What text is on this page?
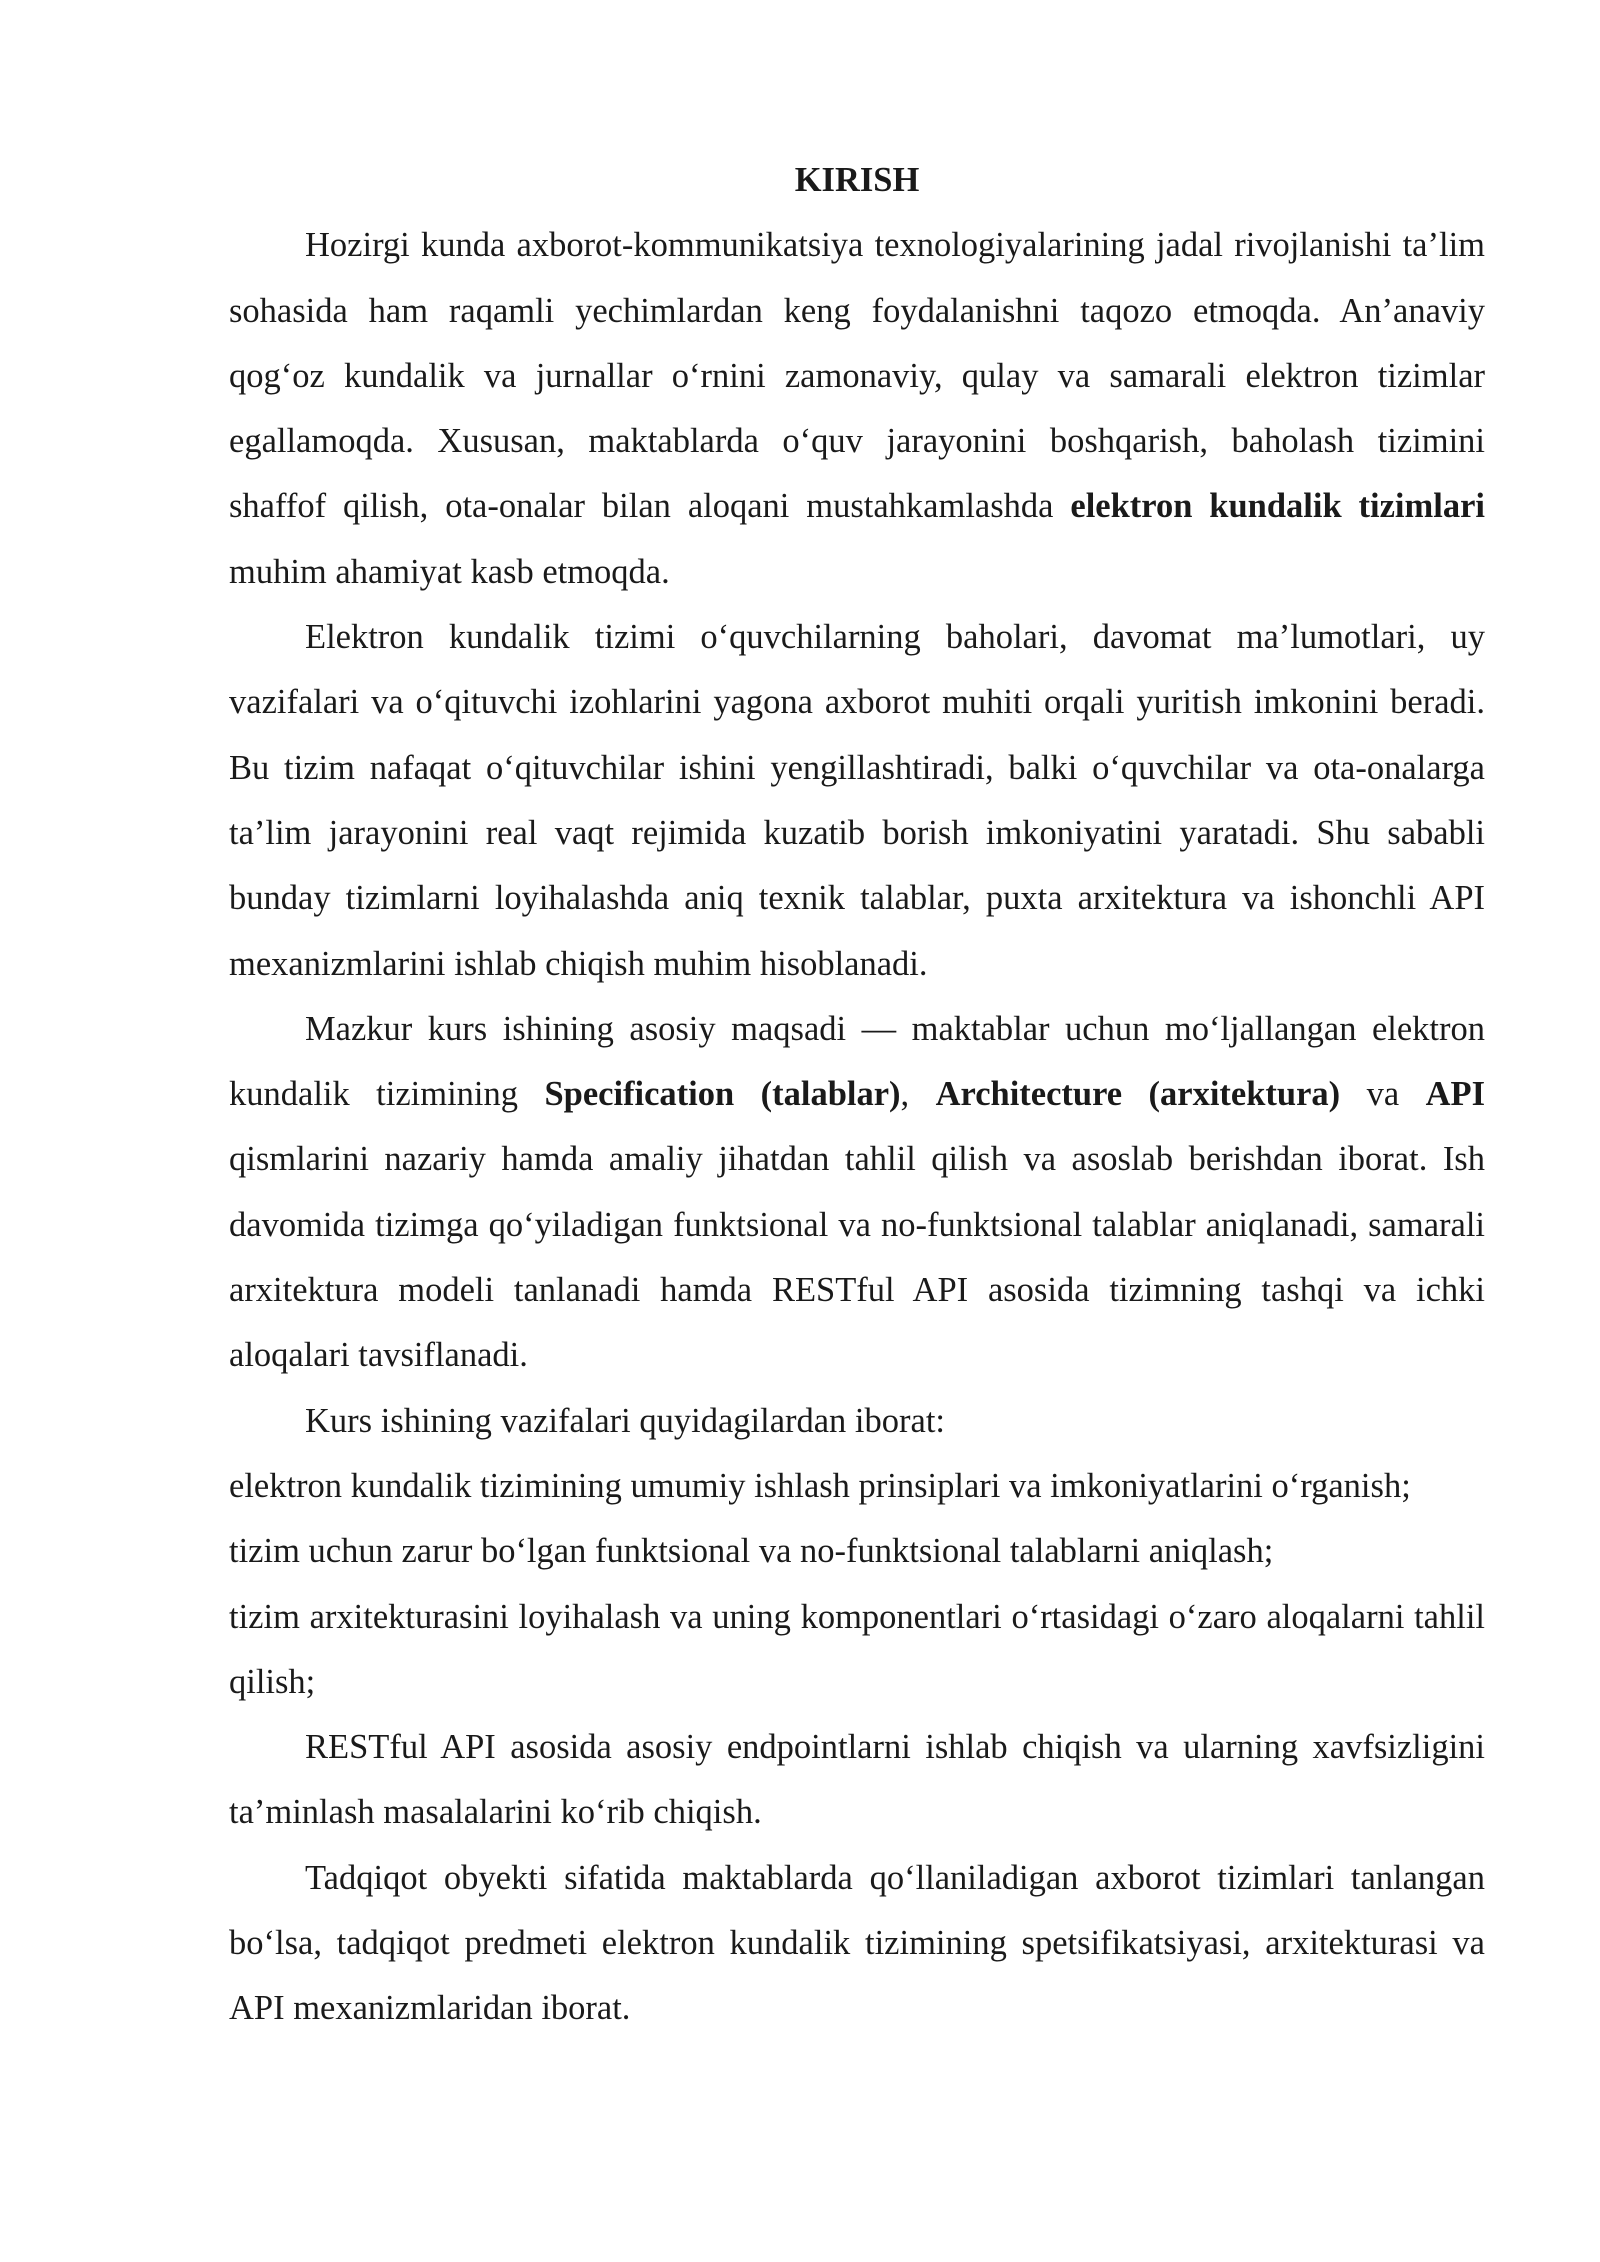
KIRISH

Hozirgi kunda axborot-kommunikatsiya texnologiyalarining jadal rivojlanishi ta’lim sohasida ham raqamli yechimlardan keng foydalanishni taqozo etmoqda. An’anaviy qog‘oz kundalik va jurnallar o‘rnini zamonaviy, qulay va samarali elektron tizimlar egallamoqda. Xususan, maktablarda o‘quv jarayonini boshqarish, baholash tizimini shaffof qilish, ota-onalar bilan aloqani mustahkamlashda elektron kundalik tizimlari muhim ahamiyat kasb etmoqda.

Elektron kundalik tizimi o‘quvchilarning baholari, davomat ma’lumotlari, uy vazifalari va o‘qituvchi izohlarini yagona axborot muhiti orqali yuritish imkonini beradi. Bu tizim nafaqat o‘qituvchilar ishini yengillashtiradi, balki o‘quvchilar va ota-onalarga ta’lim jarayonini real vaqt rejimida kuzatib borish imkoniyatini yaratadi. Shu sababli bunday tizimlarni loyihalashda aniq texnik talablar, puxta arxitektura va ishonchli API mexanizmlarini ishlab chiqish muhim hisoblanadi.

Mazkur kurs ishining asosiy maqsadi — maktablar uchun mo‘ljallangan elektron kundalik tizimining Specification (talablar), Architecture (arxitektura) va API qismlarini nazariy hamda amaliy jihatdan tahlil qilish va asoslab berishdan iborat. Ish davomida tizimga qo‘yiladigan funktsional va no-funktsional talablar aniqlanadi, samarali arxitektura modeli tanlanadi hamda RESTful API asosida tizimning tashqi va ichki aloqalari tavsiflanadi.

Kurs ishining vazifalari quyidagilardan iborat:

elektron kundalik tizimining umumiy ishlash prinsiplari va imkoniyatlarini o‘rganish;

tizim uchun zarur bo‘lgan funktsional va no-funktsional talablarni aniqlash;

tizim arxitekturasini loyihalash va uning komponentlari o‘rtasidagi o‘zaro aloqalarni tahlil qilish;

RESTful API asosida asosiy endpointlarni ishlab chiqish va ularning xavfsizligini ta’minlash masalalarini ko‘rib chiqish.

Tadqiqot obyekti sifatida maktablarda qo‘llaniladigan axborot tizimlari tanlangan bo‘lsa, tadqiqot predmeti elektron kundalik tizimining spetsifikatsiyasi, arxitekturasi va API mexanizmlaridan iborat.
